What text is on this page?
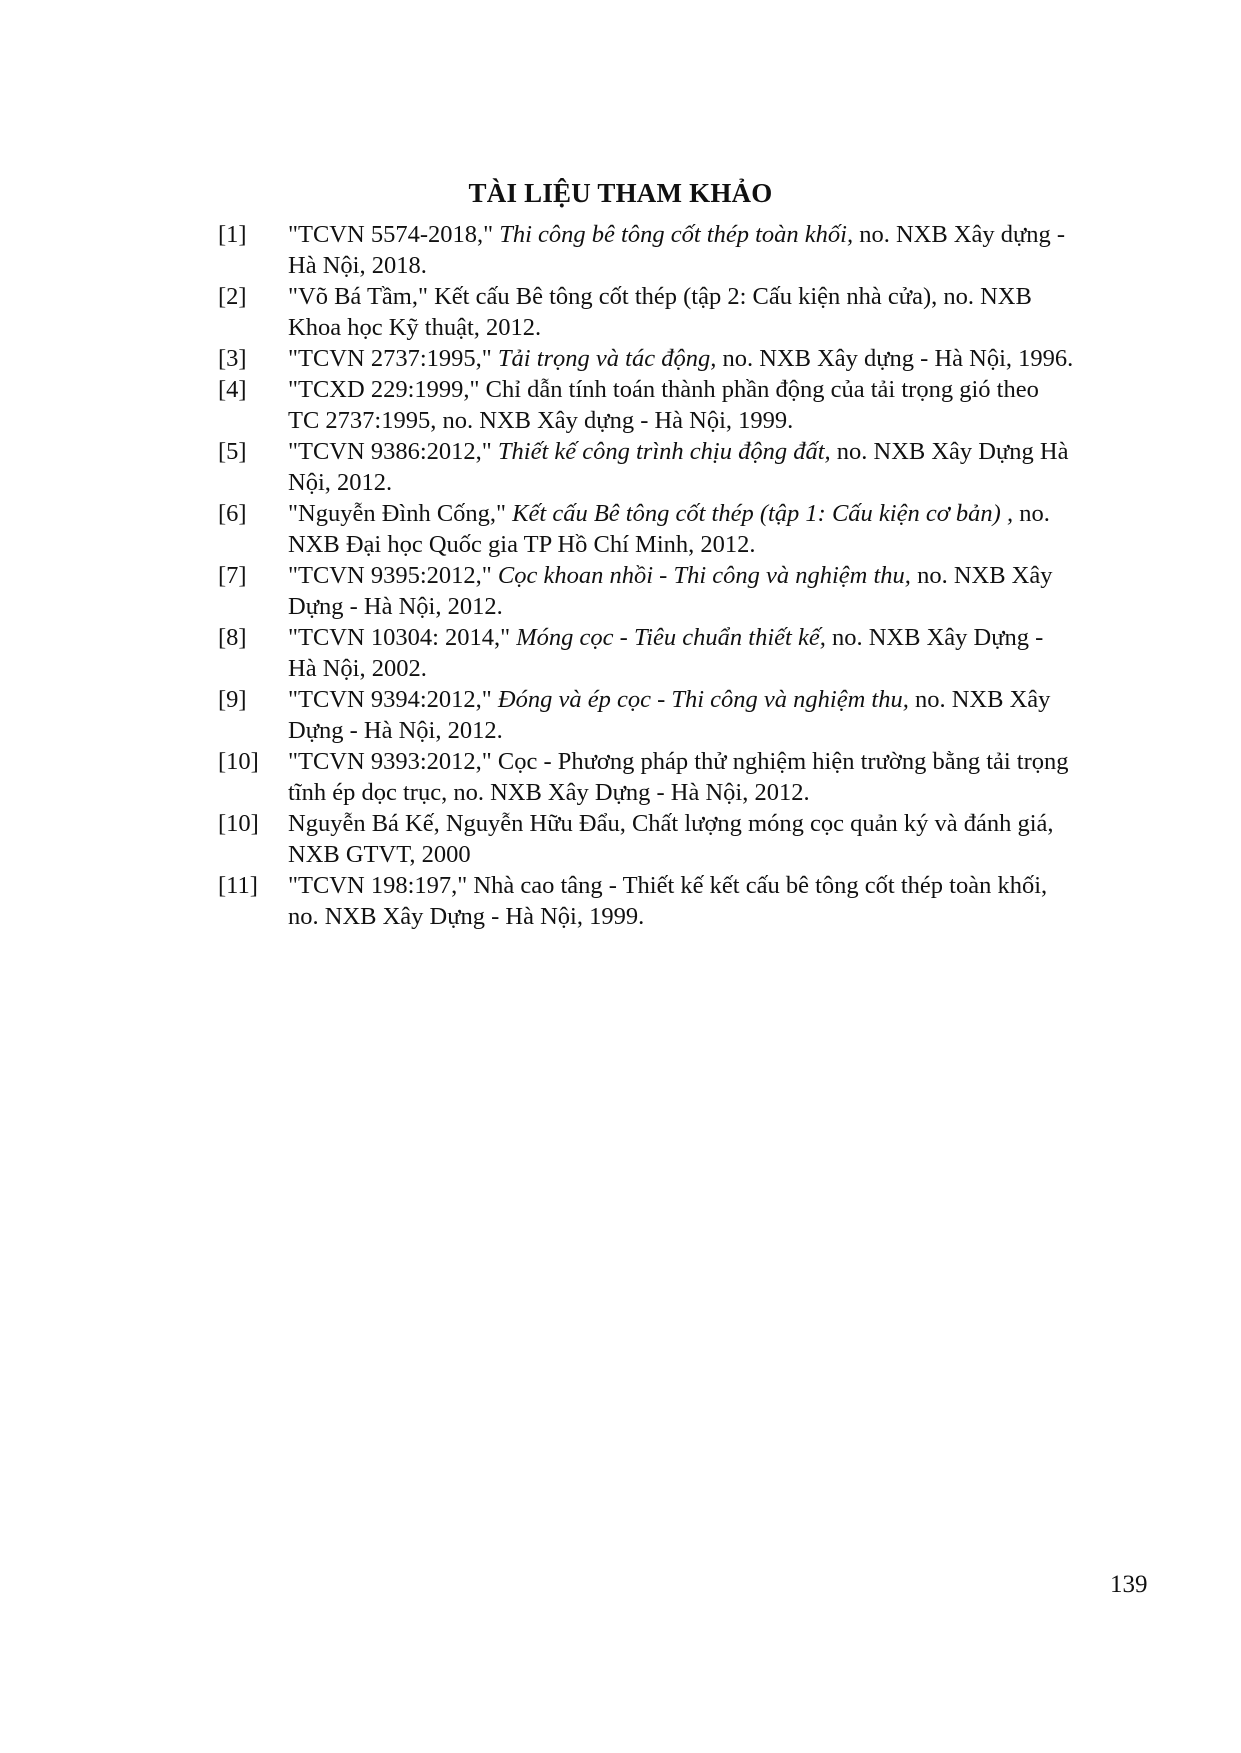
TÀI LIỆU THAM KHẢO
[1]	"TCVN 5574-2018," Thi công bê tông cốt thép toàn khối, no. NXB Xây dựng -
Hà Nội, 2018.
[2]	"Võ Bá Tầm," Kết cấu Bê tông cốt thép (tập 2: Cấu kiện nhà cửa), no. NXB
Khoa học Kỹ thuật, 2012.
[3]	"TCVN 2737:1995," Tải trọng và tác động, no. NXB Xây dựng - Hà Nội, 1996.
[4]	"TCXD 229:1999," Chỉ dẫn tính toán thành phần động của tải trọng gió theo
TC 2737:1995, no. NXB Xây dựng - Hà Nội, 1999.
[5]	"TCVN 9386:2012," Thiết kế công trình chịu động đất, no. NXB Xây Dựng Hà
Nội, 2012.
[6]	"Nguyễn Đình Cống," Kết cấu Bê tông cốt thép (tập 1: Cấu kiện cơ bản) , no.
NXB Đại học Quốc gia TP Hồ Chí Minh, 2012.
[7]	"TCVN 9395:2012," Cọc khoan nhồi - Thi công và nghiệm thu, no. NXB Xây
Dựng - Hà Nội, 2012.
[8]	"TCVN 10304: 2014," Móng cọc - Tiêu chuẩn thiết kế, no. NXB Xây Dựng -
Hà Nội, 2002.
[9]	"TCVN 9394:2012," Đóng và ép cọc - Thi công và nghiệm thu, no. NXB Xây
Dựng - Hà Nội, 2012.
[10]	"TCVN 9393:2012," Cọc - Phương pháp thử nghiệm hiện trường bằng tải trọng
tĩnh ép dọc trục, no. NXB Xây Dựng - Hà Nội, 2012.
[10]	Nguyễn Bá Kế, Nguyễn Hữu Đẩu, Chất lượng móng cọc quản ký và đánh giá,
NXB GTVT, 2000
[11]	"TCVN 198:197," Nhà cao tâng - Thiết kế kết cấu bê tông cốt thép toàn khối,
no. NXB Xây Dựng - Hà Nội, 1999.
139
